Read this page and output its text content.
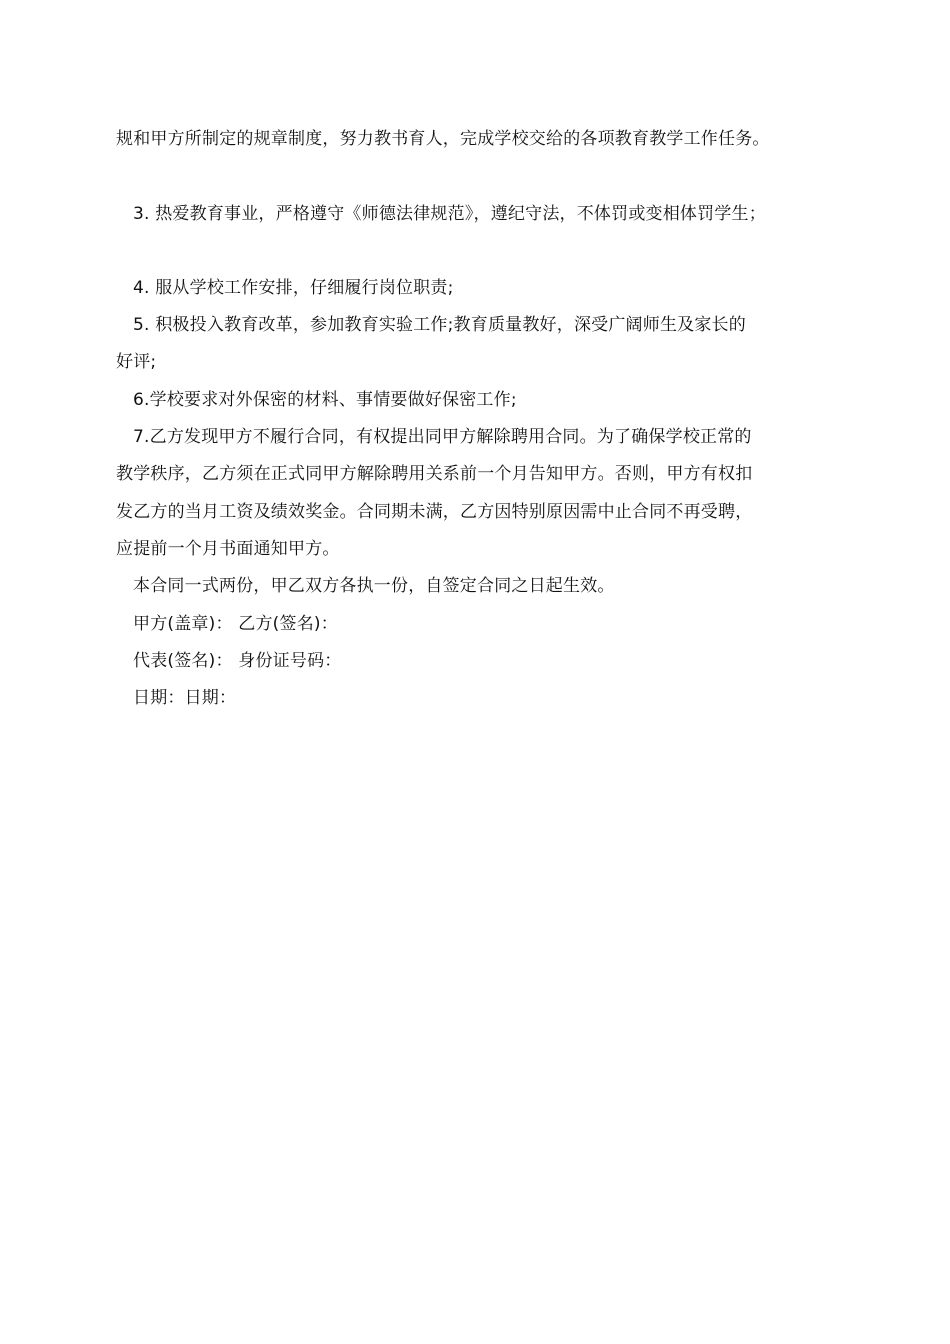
规和甲方所制定的规章制度，努力教书育人，完成学校交给的各项教育教学工作任务。
3. 热爱教育事业，严格遵守《师德法律规范》，遵纪守法，不体罚或变相体罚学生；
4. 服从学校工作安排，仔细履行岗位职责;
5. 积极投入教育改革，参加教育实验工作;教育质量教好，深受广阔师生及家长的
好评;
6.学校要求对外保密的材料、事情要做好保密工作;
7.乙方发现甲方不履行合同，有权提出同甲方解除聘用合同。为了确保学校正常的
教学秩序，乙方须在正式同甲方解除聘用关系前一个月告知甲方。否则，甲方有权扣
发乙方的当月工资及绩效奖金。合同期未满，乙方因特别原因需中止合同不再受聘，
应提前一个月书面通知甲方。
本合同一式两份，甲乙双方各执一份，自签定合同之日起生效。
甲方(盖章)： 乙方(签名)：
代表(签名)： 身份证号码：
日期：日期：
